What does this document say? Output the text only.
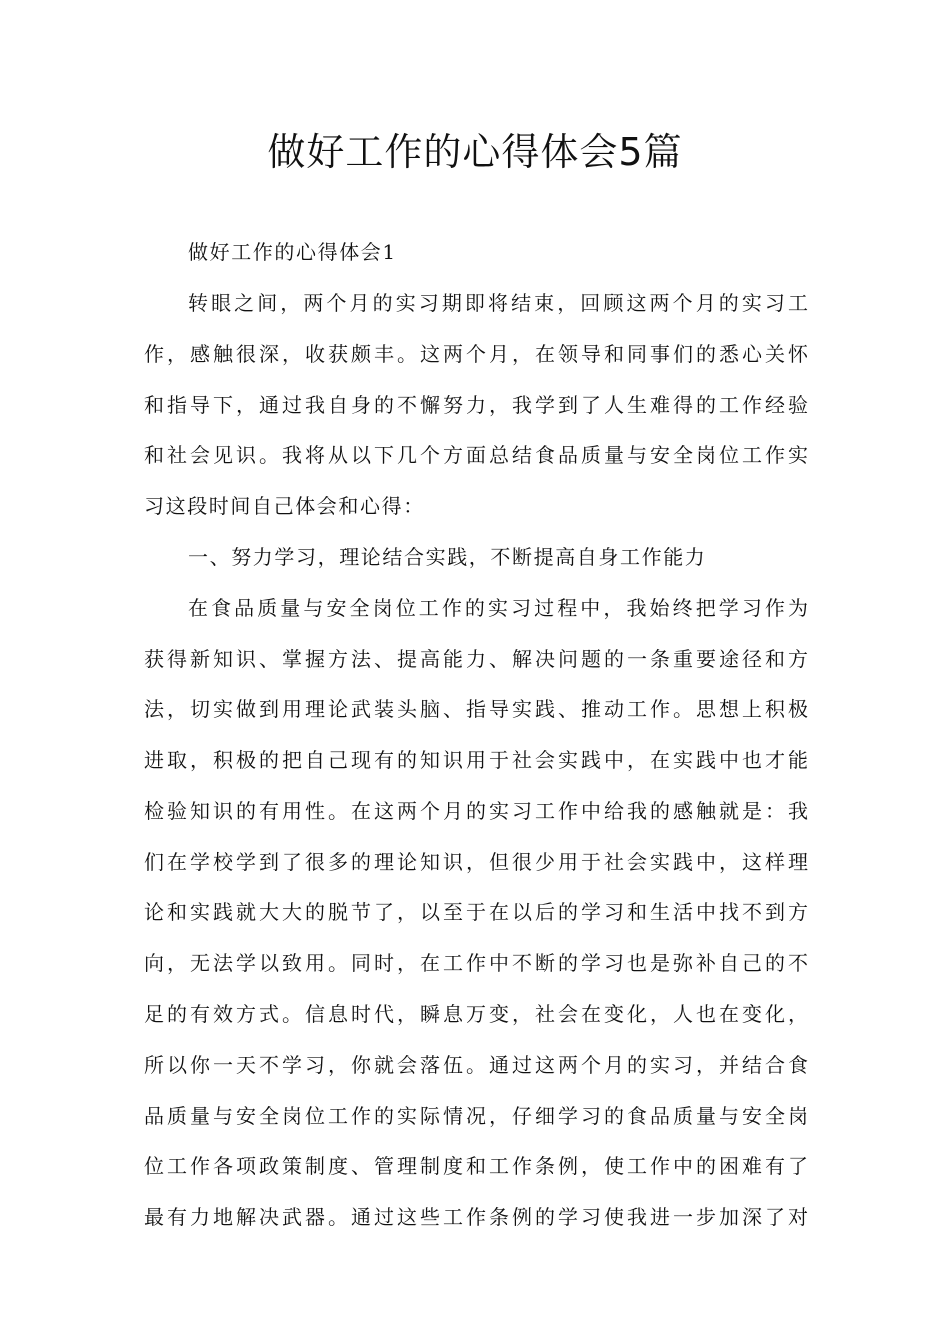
做好工作的心得体会5篇
做好工作的心得体会1
转眼之间，两个月的实习期即将结束，回顾这两个月的实习工
作，感触很深，收获颇丰。这两个月，在领导和同事们的悉心关怀
和指导下，通过我自身的不懈努力，我学到了人生难得的工作经验
和社会见识。我将从以下几个方面总结食品质量与安全岗位工作实
习这段时间自己体会和心得：
一、努力学习，理论结合实践，不断提高自身工作能力
在食品质量与安全岗位工作的实习过程中，我始终把学习作为
获得新知识、掌握方法、提高能力、解决问题的一条重要途径和方
法，切实做到用理论武装头脑、指导实践、推动工作。思想上积极
进取，积极的把自己现有的知识用于社会实践中，在实践中也才能
检验知识的有用性。在这两个月的实习工作中给我的感触就是：我
们在学校学到了很多的理论知识，但很少用于社会实践中，这样理
论和实践就大大的脱节了，以至于在以后的学习和生活中找不到方
向，无法学以致用。同时，在工作中不断的学习也是弥补自己的不
足的有效方式。信息时代，瞬息万变，社会在变化，人也在变化，
所以你一天不学习，你就会落伍。通过这两个月的实习，并结合食
品质量与安全岗位工作的实际情况，仔细学习的食品质量与安全岗
位工作各项政策制度、管理制度和工作条例，使工作中的困难有了
最有力地解决武器。通过这些工作条例的学习使我进一步加深了对
